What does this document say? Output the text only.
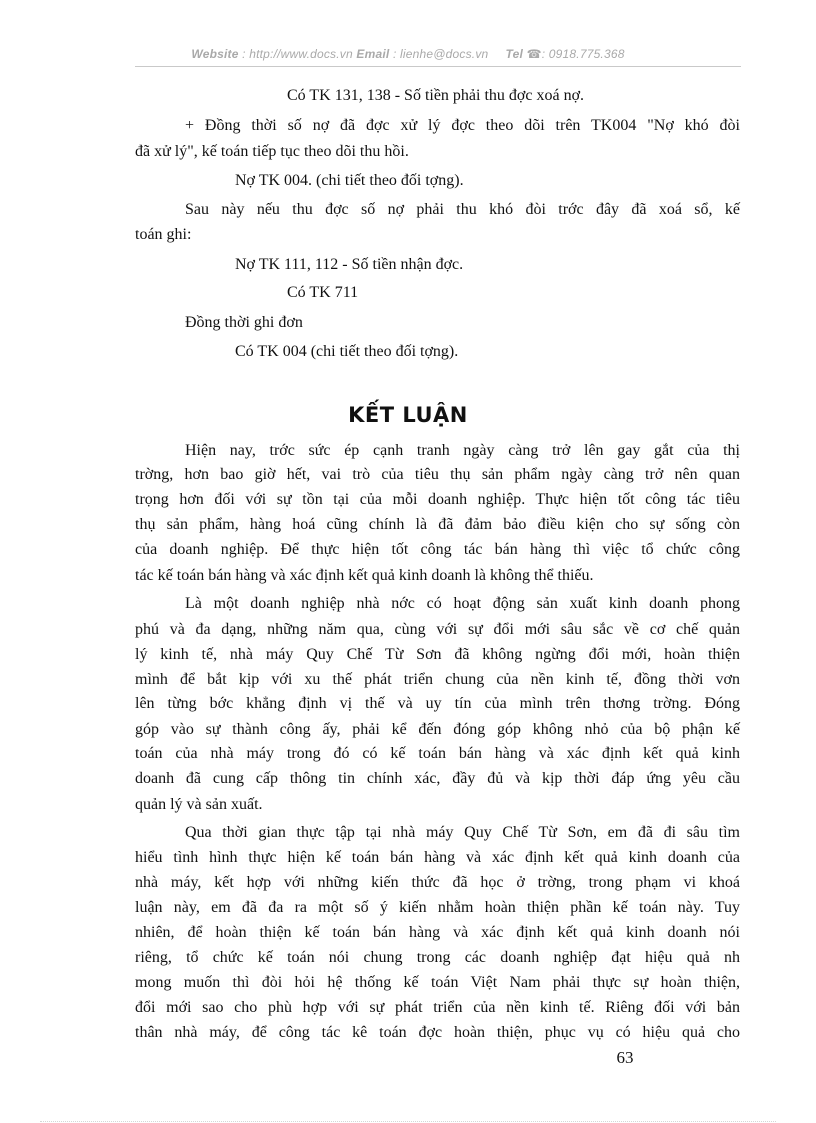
Website : http://www.docs.vn Email : lienhe@docs.vn Tel ☎: 0918.775.368
Có TK 131, 138 - Số tiền phải thu đợc xoá nợ.
+ Đồng thời số nợ đã đợc xử lý đợc theo dõi trên TK004 "Nợ khó đòi
đã xử lý", kế toán tiếp tục theo dõi thu hồi.
Nợ TK 004. (chi tiết theo đối tợng).
Sau này nếu thu đợc số nợ phải thu khó đòi trớc đây đã xoá sổ, kế
toán ghi:
Nợ TK 111, 112 - Số tiền nhận đợc.
Có TK 711
Đồng thời ghi đơn
Có TK 004 (chi tiết theo đối tợng).
KẾT LUẬN
Hiện nay, trớc sức ép cạnh tranh ngày càng trở lên gay gắt của thị
trờng, hơn bao giờ hết, vai trò của tiêu thụ sản phẩm ngày càng trở nên quan
trọng hơn đối với sự tồn tại của mỗi doanh nghiệp. Thực hiện tốt công tác tiêu
thụ sản phẩm, hàng hoá cũng chính là đã đảm bảo điều kiện cho sự sống còn
của doanh nghiệp. Để thực hiện tốt công tác bán hàng thì việc tổ chức công
tác kế toán bán hàng và xác định kết quả kinh doanh là không thể thiếu.
Là một doanh nghiệp nhà nớc có hoạt động sản xuất kinh doanh phong
phú và đa dạng, những năm qua, cùng với sự đổi mới sâu sắc về cơ chế quản
lý kinh tế, nhà máy Quy Chế Từ Sơn đã không ngừng đổi mới, hoàn thiện
mình để bắt kịp với xu thế phát triển chung của nền kinh tế, đồng thời vơn
lên từng bớc khẳng định vị thế và uy tín của mình trên thơng trờng. Đóng
góp vào sự thành công ấy, phải kể đến đóng góp không nhỏ của bộ phận kế
toán của nhà máy trong đó có kế toán bán hàng và xác định kết quả kinh
doanh đã cung cấp thông tin chính xác, đầy đủ và kịp thời đáp ứng yêu cầu
quản lý và sản xuất.
Qua thời gian thực tập tại nhà máy Quy Chế Từ Sơn, em đã đi sâu tìm
hiểu tình hình thực hiện kế toán bán hàng và xác định kết quả kinh doanh của
nhà máy, kết hợp với những kiến thức đã học ở trờng, trong phạm vi khoá
luận này, em đã đa ra một số ý kiến nhằm hoàn thiện phần kế toán này. Tuy
nhiên, để hoàn thiện kế toán bán hàng và xác định kết quả kinh doanh nói
riêng, tổ chức kế toán nói chung trong các doanh nghiệp đạt hiệu quả nh
mong muốn thì đòi hỏi hệ thống kế toán Việt Nam phải thực sự hoàn thiện,
đổi mới sao cho phù hợp với sự phát triển của nền kinh tế. Riêng đối với bản
thân nhà máy, để công tác kê toán đợc hoàn thiện, phục vụ có hiệu quả cho
63
